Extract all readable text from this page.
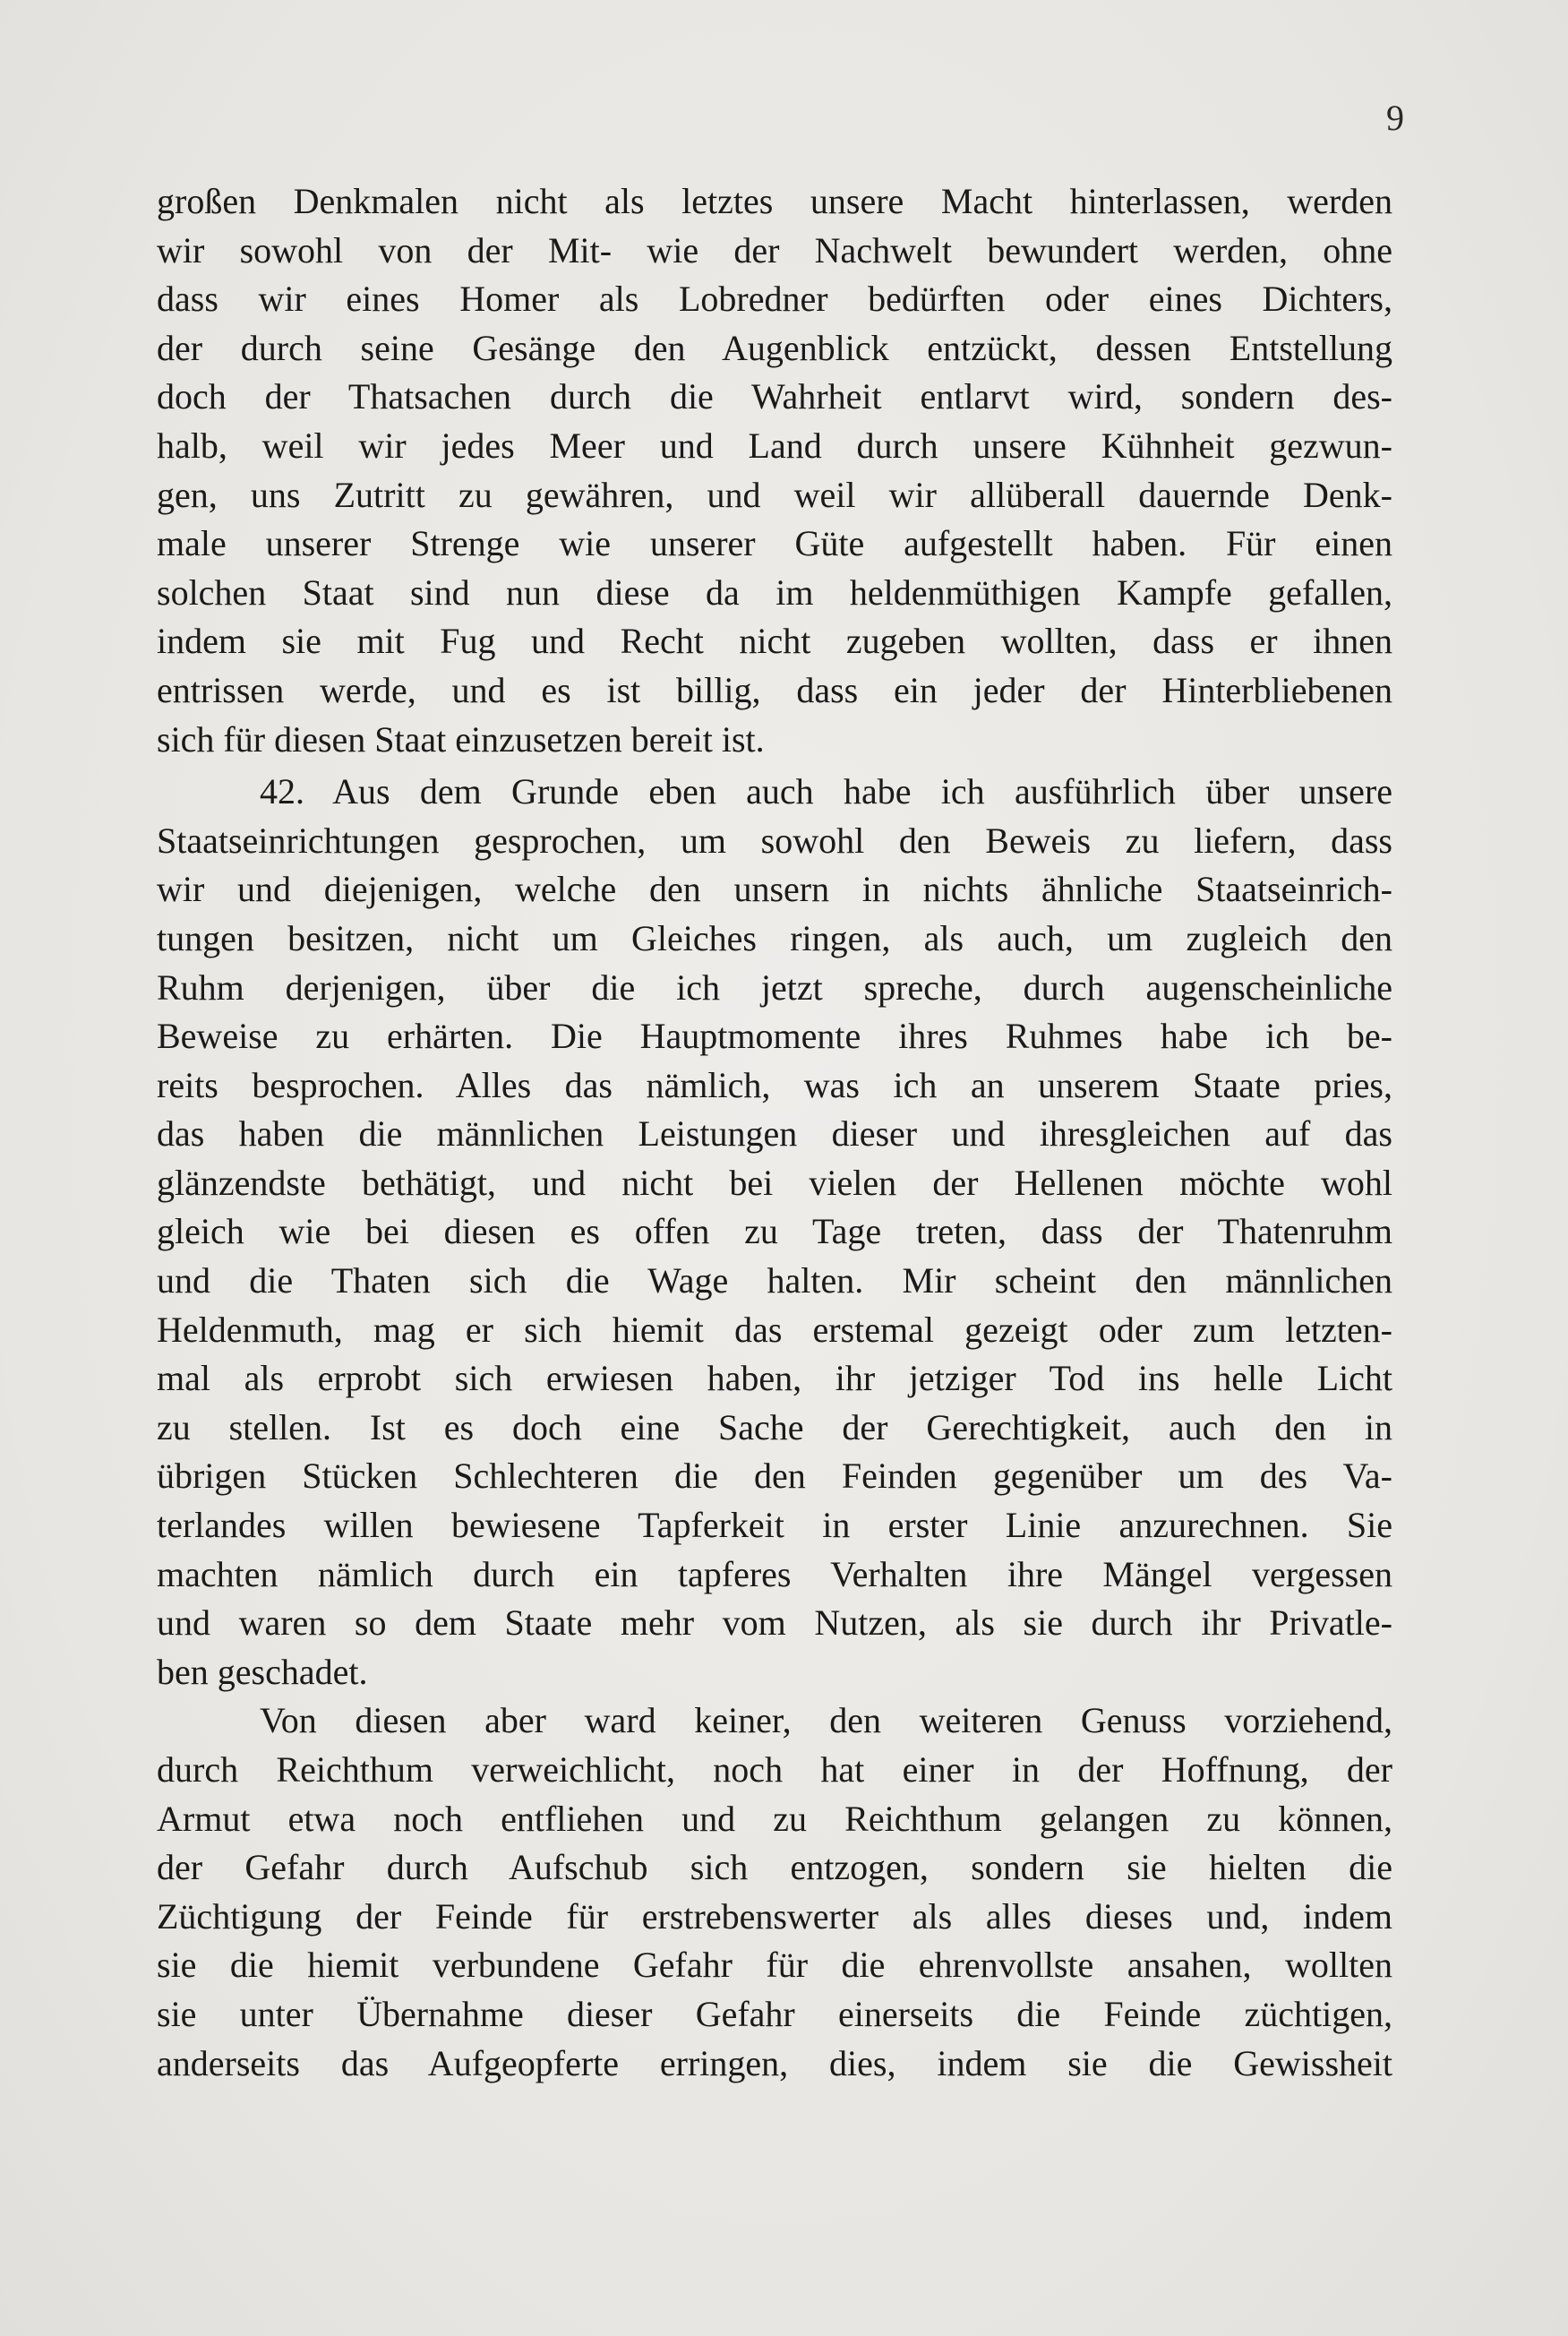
9
großen Denkmalen nicht als letztes unsere Macht hinterlassen, werden
wir sowohl von der Mit- wie der Nachwelt bewundert werden, ohne
dass wir eines Homer als Lobredner bedürften oder eines Dichters,
der durch seine Gesänge den Augenblick entzückt, dessen Entstellung
doch der Thatsachen durch die Wahrheit entlarvt wird, sondern des-
halb, weil wir jedes Meer und Land durch unsere Kühnheit gezwun-
gen, uns Zutritt zu gewähren, und weil wir allüberall dauernde Denk-
male unserer Strenge wie unserer Güte aufgestellt haben. Für einen
solchen Staat sind nun diese da im heldenmüthigen Kampfe gefallen,
indem sie mit Fug und Recht nicht zugeben wollten, dass er ihnen
entrissen werde, und es ist billig, dass ein jeder der Hinterbliebenen
sich für diesen Staat einzusetzen bereit ist.
42. Aus dem Grunde eben auch habe ich ausführlich über unsere
Staatseinrichtungen gesprochen, um sowohl den Beweis zu liefern, dass
wir und diejenigen, welche den unsern in nichts ähnliche Staatseinrich-
tungen besitzen, nicht um Gleiches ringen, als auch, um zugleich den
Ruhm derjenigen, über die ich jetzt spreche, durch augenscheinliche
Beweise zu erhärten. Die Hauptmomente ihres Ruhmes habe ich be-
reits besprochen. Alles das nämlich, was ich an unserem Staate pries,
das haben die männlichen Leistungen dieser und ihresgleichen auf das
glänzendste bethätigt, und nicht bei vielen der Hellenen möchte wohl
gleich wie bei diesen es offen zu Tage treten, dass der Thatenruhm
und die Thaten sich die Wage halten. Mir scheint den männlichen
Heldenmuth, mag er sich hiemit das erstemal gezeigt oder zum letzten-
mal als erprobt sich erwiesen haben, ihr jetziger Tod ins helle Licht
zu stellen. Ist es doch eine Sache der Gerechtigkeit, auch den in
übrigen Stücken Schlechteren die den Feinden gegenüber um des Va-
terlandes willen bewiesene Tapferkeit in erster Linie anzurechnen. Sie
machten nämlich durch ein tapferes Verhalten ihre Mängel vergessen
und waren so dem Staate mehr vom Nutzen, als sie durch ihr Privatle-
ben geschadet.
Von diesen aber ward keiner, den weiteren Genuss vorziehend,
durch Reichthum verweichlicht, noch hat einer in der Hoffnung, der
Armut etwa noch entfliehen und zu Reichthum gelangen zu können,
der Gefahr durch Aufschub sich entzogen, sondern sie hielten die
Züchtigung der Feinde für erstrebenswerter als alles dieses und, indem
sie die hiemit verbundene Gefahr für die ehrenvollste ansahen, wollten
sie unter Übernahme dieser Gefahr einerseits die Feinde züchtigen,
anderseits das Aufgeopferte erringen, dies, indem sie die Gewissheit
